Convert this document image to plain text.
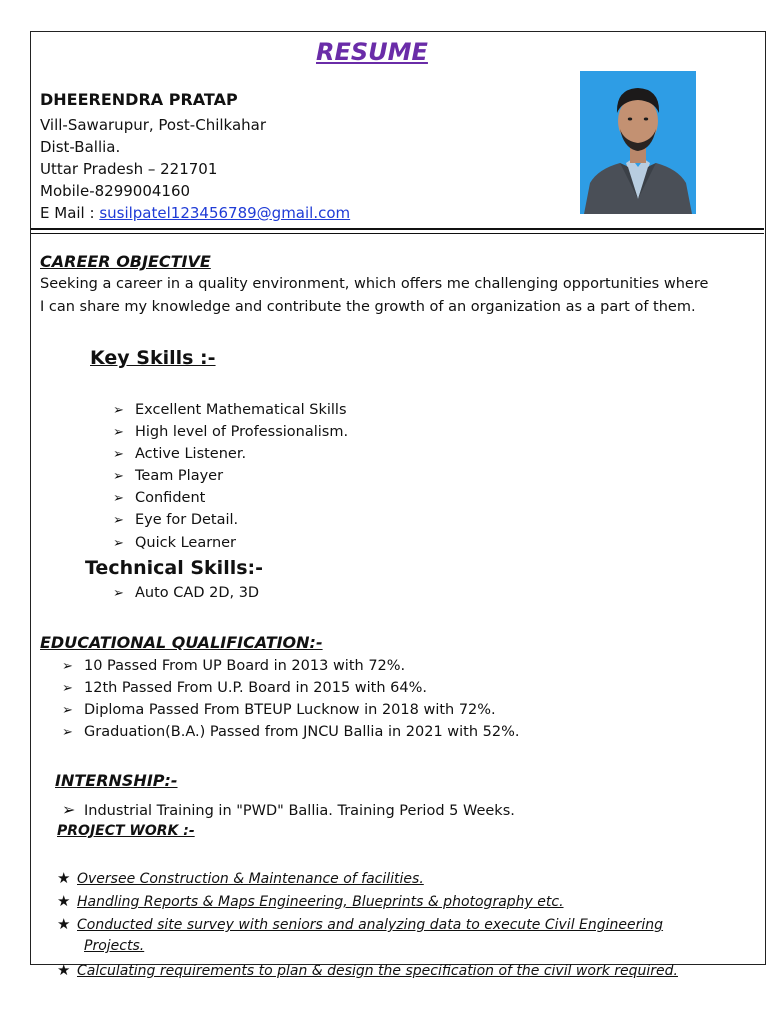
RESUME
DHEERENDRA PRATAP
Vill-Sawarupur, Post-Chilkahar
Dist-Ballia.
Uttar Pradesh – 221701
Mobile-8299004160
E Mail : susilpatel123456789@gmail.com
CAREER OBJECTIVE
Seeking a career in a quality environment, which offers me challenging opportunities where
I can share my knowledge and contribute the growth of an organization as a part of them.
Key Skills :-
➢ Excellent Mathematical Skills
➢ High level of Professionalism.
➢ Active Listener.
➢ Team Player
➢ Confident
➢ Eye for Detail.
➢ Quick Learner
Technical Skills:-
➢ Auto CAD 2D, 3D
EDUCATIONAL QUALIFICATION:-
➢ 10 Passed From UP Board in 2013 with 72%.
➢ 12th Passed From U.P. Board in 2015 with 64%.
➢ Diploma Passed From BTEUP Lucknow in 2018 with 72%.
➢ Graduation(B.A.) Passed from JNCU Ballia in 2021 with 52%.
INTERNSHIP:-
➢ Industrial Training in "PWD" Ballia. Training Period 5 Weeks.
PROJECT WORK :-
★ Oversee Construction & Maintenance of facilities.
★ Handling Reports & Maps Engineering, Blueprints & photography etc.
★ Conducted site survey with seniors and analyzing data to execute Civil Engineering
Projects.
★ Calculating requirements to plan & design the specification of the civil work required.
